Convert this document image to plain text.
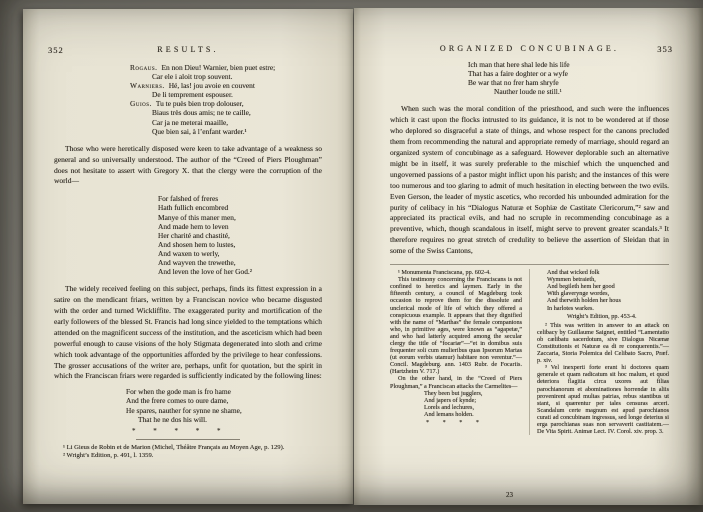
352	RESULTS.
Rogaus. En non Dieu! Warnier, bien puet estre;
Car ele i aloit trop souvent.
Warniers. Hé, las! jou avoie en couvent
De li temprement espouser.
Guios. Tu te puès bien trop dolouser,
Biaus très dous amis; ne te caille,
Car ja ne meterai maaille,
Que bien sai, à l’enfant warder.¹

Those who were heretically disposed were keen to take advantage of a weakness so general and so universally understood. The author of the “Creed of Piers Ploughman” does not hesitate to assert with Gregory X. that the clergy were the corruption of the world—

For falshed of freres
Hath fullich encombred
Manye of this maner men,
And made hem to leven
Her charité and chastité,
And shosen hem to lustes,
And waxen to werly,
And wayven the trewethe,
And leven the love of her God.²

The widely received feeling on this subject, perhaps, finds its fittest expression in a satire on the mendicant friars, written by a Franciscan novice who became disgusted with the order and turned Wickliffite. The exaggerated purity and mortification of the early followers of the blessed St. Francis had long since yielded to the temptations which attended on the magnificent success of the institution, and the asceticism which had been powerful enough to cause visions of the holy Stigmata degenerated into sloth and crime which took advantage of the opportunities afforded by the privilege to hear confessions. The grosser accusations of the writer are, perhaps, unfit for quotation, but the spirit in which the Franciscan friars were regarded is sufficiently indicated by the following lines:

For when the gode man is fro hame
And the frere comes to oure dame,
He spares, nauther for synne ne shame,
That he ne dos his will.
* * * * *

¹ Li Gieus de Robin et de Marion (Michel, Théâtre Français au Moyen Age, p. 129).

² Wright’s Edition, p. 491, l. 1359.

ORGANIZED CONCUBINAGE.	353
Ich man that here shal lede his life
That has a faire doghter or a wyfe
Be war that no frer ham shryfe
Nauther loude ne still.¹

When such was the moral condition of the priesthood, and such were the influences which it cast upon the flocks intrusted to its guidance, it is not to be wondered at if those who deplored so disgraceful a state of things, and whose respect for the canons precluded them from recommending the natural and appropriate remedy of marriage, should regard an organized system of concubinage as a safeguard. However deplorable such an alternative might be in itself, it was surely preferable to the mischief which the unquenched and ungoverned passions of a pastor might inflict upon his parish; and the instances of this were too numerous and too glaring to admit of much hesitation in electing between the two evils. Even Gerson, the leader of mystic ascetics, who recorded his unbounded admiration for the purity of celibacy in his “Dialogus Naturæ et Sophiæ de Castitate Clericorum,”² saw and appreciated its practical evils, and had no scruple in recommending concubinage as a preventive, which, though scandalous in itself, might serve to prevent greater scandals.³ It therefore requires no great stretch of credulity to believe the assertion of Sleidan that in some of the Swiss Cantons,

¹ Monumenta Franciscana, pp. 602-4.

This testimony concerning the Franciscans is not confined to heretics and laymen. Early in the fifteenth century, a council of Magdeburg took occasion to reprove them for the dissolute and unclerical mode of life of which they offered a conspicuous example. It appears that they dignified with the name of “Marthas” the female companions who, in primitive ages, were known as “agapetæ,” and who had latterly acquired among the secular clergy the title of “focariæ”—“et in domibus suis frequenter soli cum mulieribus quas Ipsorum Martas (ut eorum verbis utamur) habitare non verentur.”—Concil. Magdeburg. ann. 1403 Rubr. de Focariis. (Hartzheim V. 717.)

On the other hand, in the “Creed of Piers Ploughman,” a Franciscan attacks the Carmelites—

They been but jugglers,
And japers of kynde;
Lorels and lechures,
And lemans holden.
* * * *
And that wicked folk
Wymmen betraieth,
And begileth hem her good
With glaverynge wordes,
And therwith holden her hous
In harlotes warkes.

Wright’s Edition, pp. 453-4.

² This was written in answer to an attack on celibacy by Guillaume Saignet, entitled “Lamentatio ob cælibatu sacerdotum, sive Dialogus Nicænæ Constitutionis et Naturæ ea di re conquerentis.”—Zaccaria, Storia Polemica del Celibato Sacro, Præf. p. xiv.

³ Vel inexperti forte erant hi doctores quam generale et quam radicatum sit hoc malum, et quod deteriora flagitia circa uxores aut filias parochianorum et abominationes horrendæ in aliis provenirent apud multas patrias, rebus stantibus ut stant, si quærentur per tales censuras arceri. Scandalum certe magnum est apud parochianos curati ad concubinam ingressus, sed longe deterius si erga parochianas suas non servaverit castitatem.—De Vita Spirit. Animæ Lect. IV. Corol. xiv. prop. 3.

23
